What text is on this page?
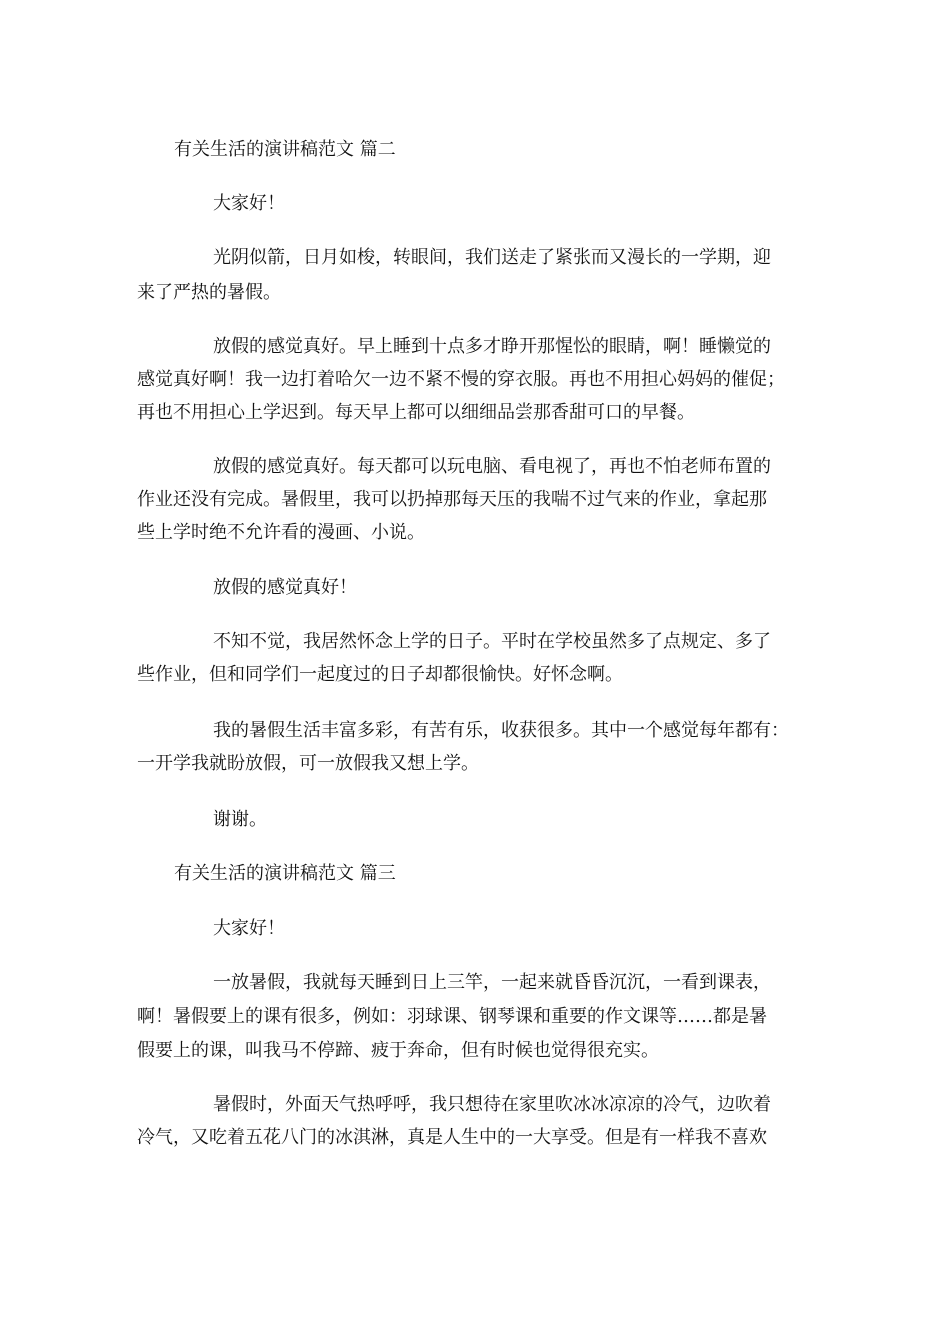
有关生活的演讲稿范文 篇二
大家好！
光阴似箭，日月如梭，转眼间，我们送走了紧张而又漫长的一学期，迎
来了严热的暑假。
放假的感觉真好。早上睡到十点多才睁开那惺忪的眼睛，啊！睡懒觉的
感觉真好啊！我一边打着哈欠一边不紧不慢的穿衣服。再也不用担心妈妈的催促；
再也不用担心上学迟到。每天早上都可以细细品尝那香甜可口的早餐。
放假的感觉真好。每天都可以玩电脑、看电视了，再也不怕老师布置的
作业还没有完成。暑假里，我可以扔掉那每天压的我喘不过气来的作业，拿起那
些上学时绝不允许看的漫画、小说。
放假的感觉真好！
不知不觉，我居然怀念上学的日子。平时在学校虽然多了点规定、多了
些作业，但和同学们一起度过的日子却都很愉快。好怀念啊。
我的暑假生活丰富多彩，有苦有乐，收获很多。其中一个感觉每年都有：
一开学我就盼放假，可一放假我又想上学。
谢谢。
有关生活的演讲稿范文 篇三
大家好！
一放暑假，我就每天睡到日上三竿，一起来就昏昏沉沉，一看到课表，
啊！暑假要上的课有很多，例如：羽球课、钢琴课和重要的作文课等……都是暑
假要上的课，叫我马不停蹄、疲于奔命，但有时候也觉得很充实。
暑假时，外面天气热呼呼，我只想待在家里吹冰冰凉凉的冷气，边吹着
冷气，又吃着五花八门的冰淇淋，真是人生中的一大享受。但是有一样我不喜欢
